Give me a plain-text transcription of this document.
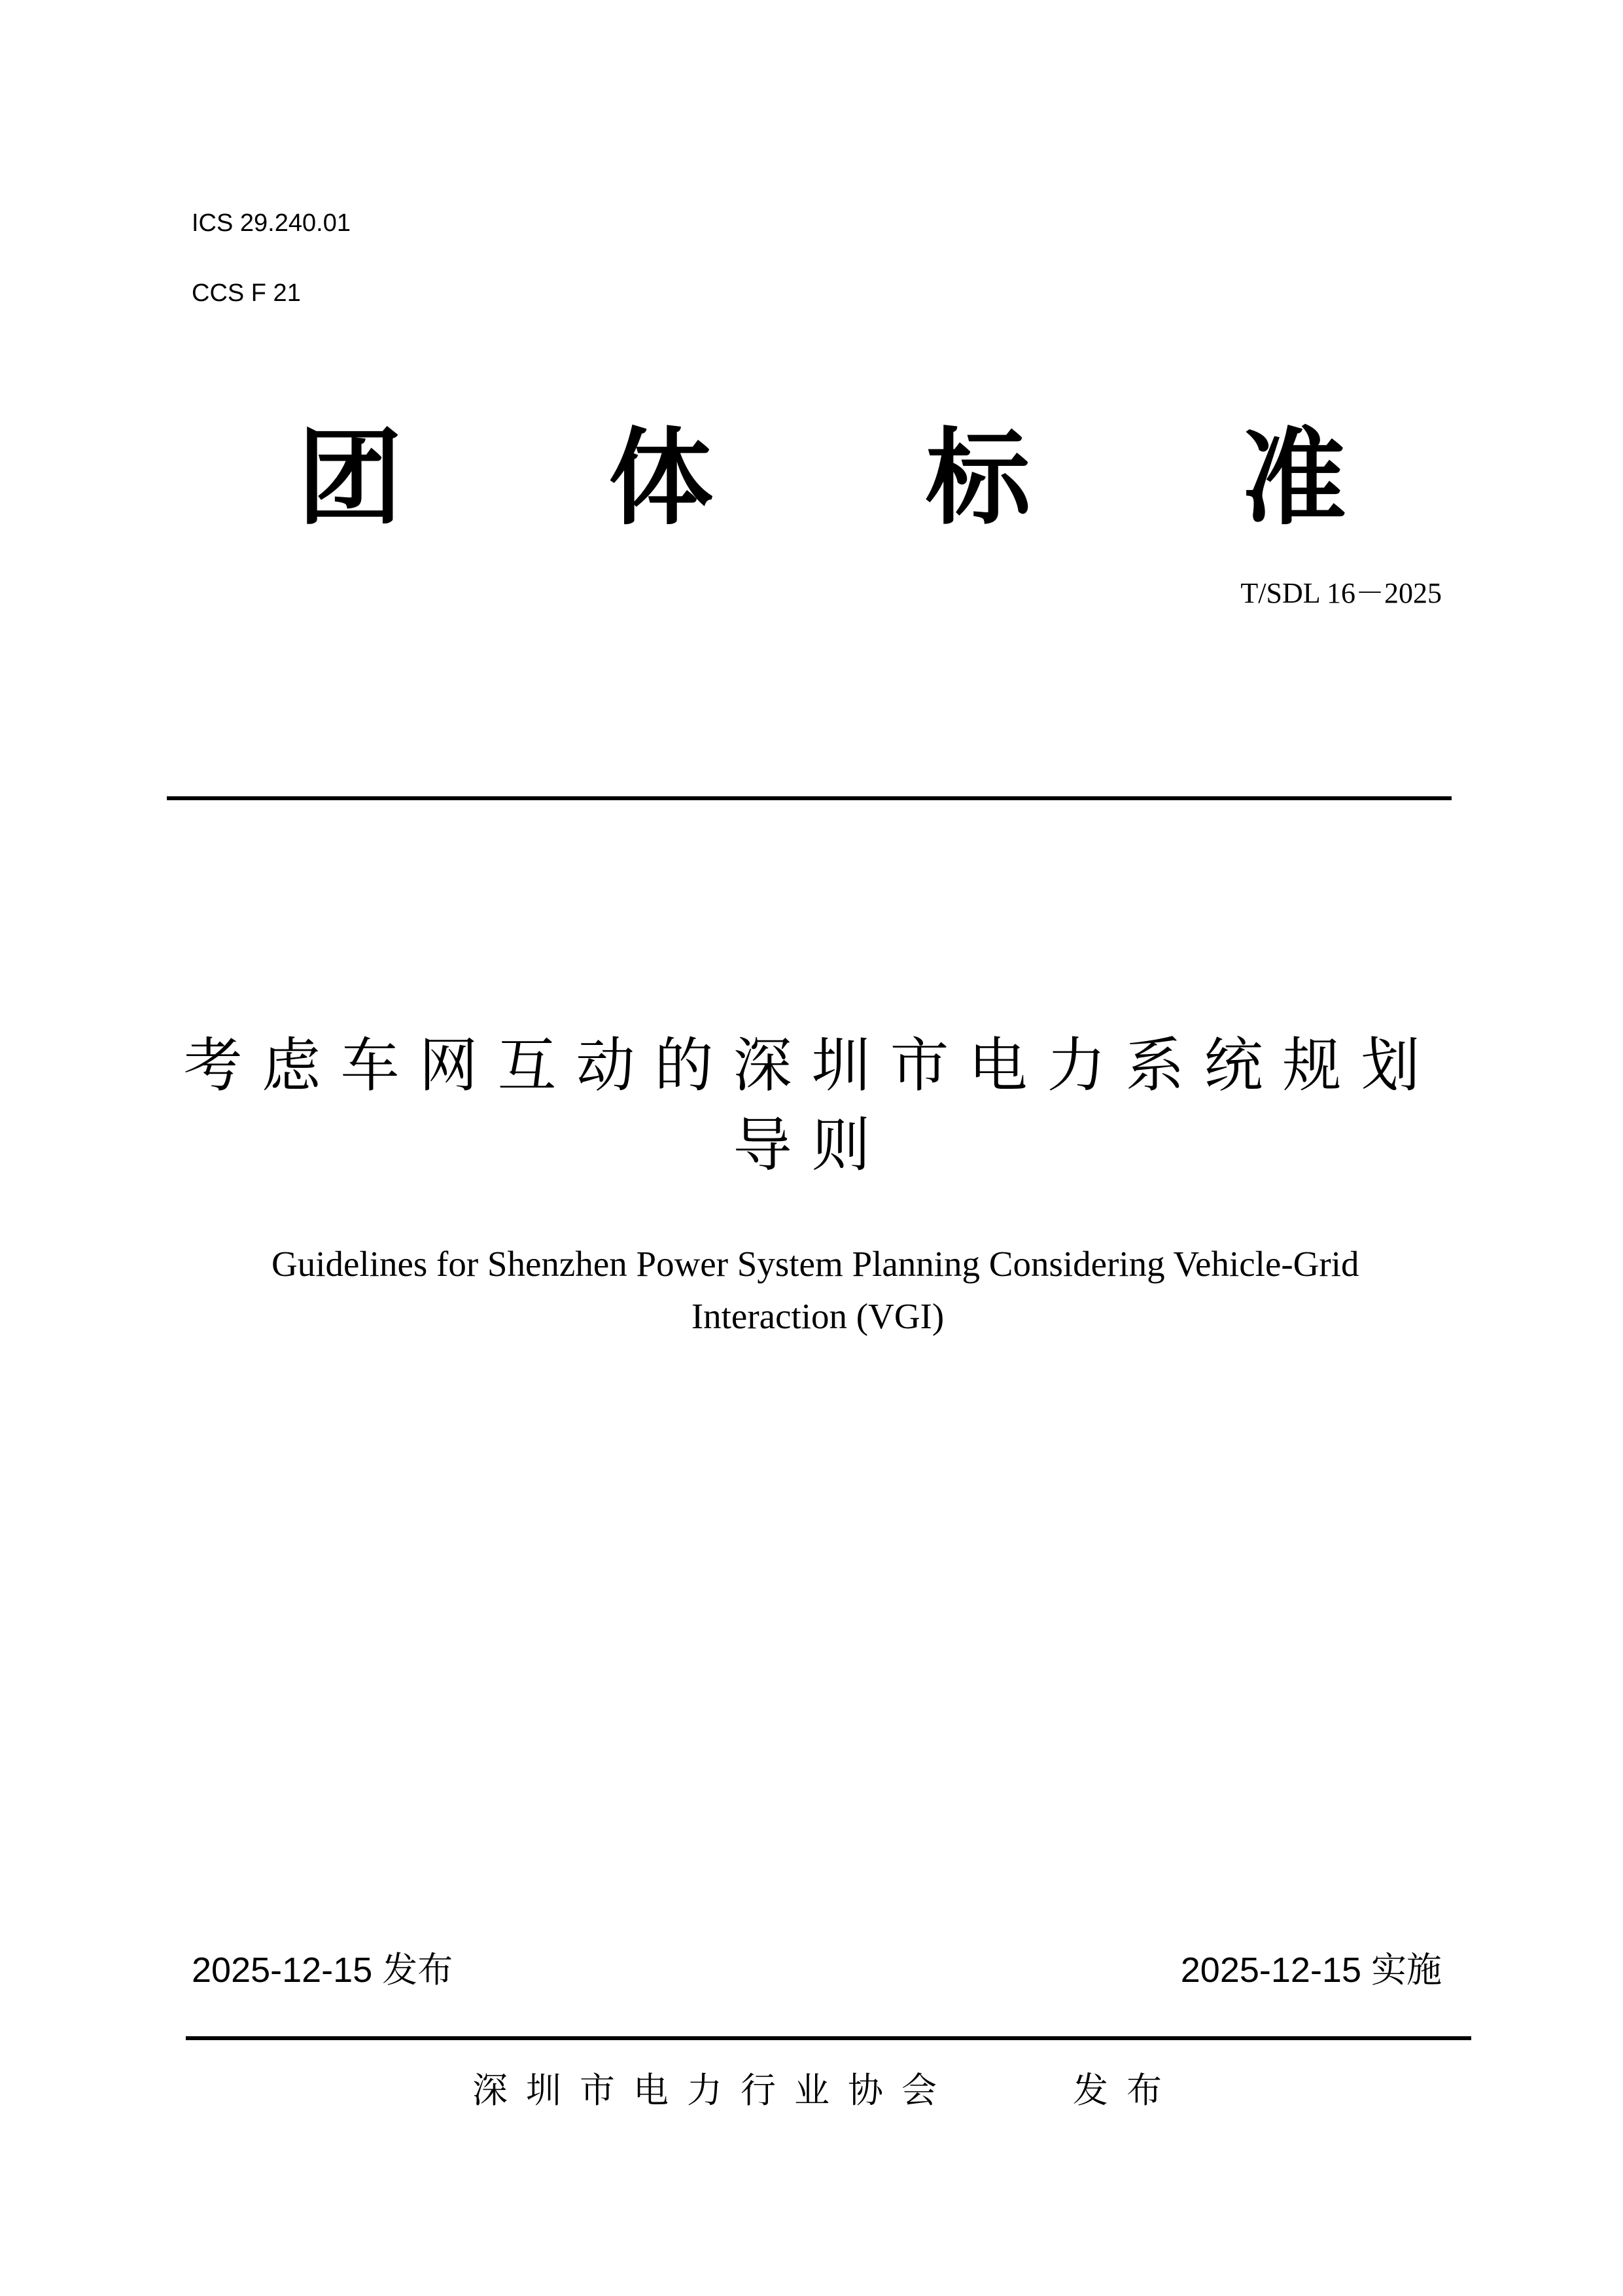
ICS 29.240.01
CCS F 21
团 体 标 准
T/SDL 16－2025
考虑车网互动的深圳市电力系统规划
导则
Guidelines for Shenzhen Power System Planning Considering Vehicle-Grid
Interaction (VGI)
2025-12-15 发布	2025-12-15 实施
深圳市电力行业协会	发布
